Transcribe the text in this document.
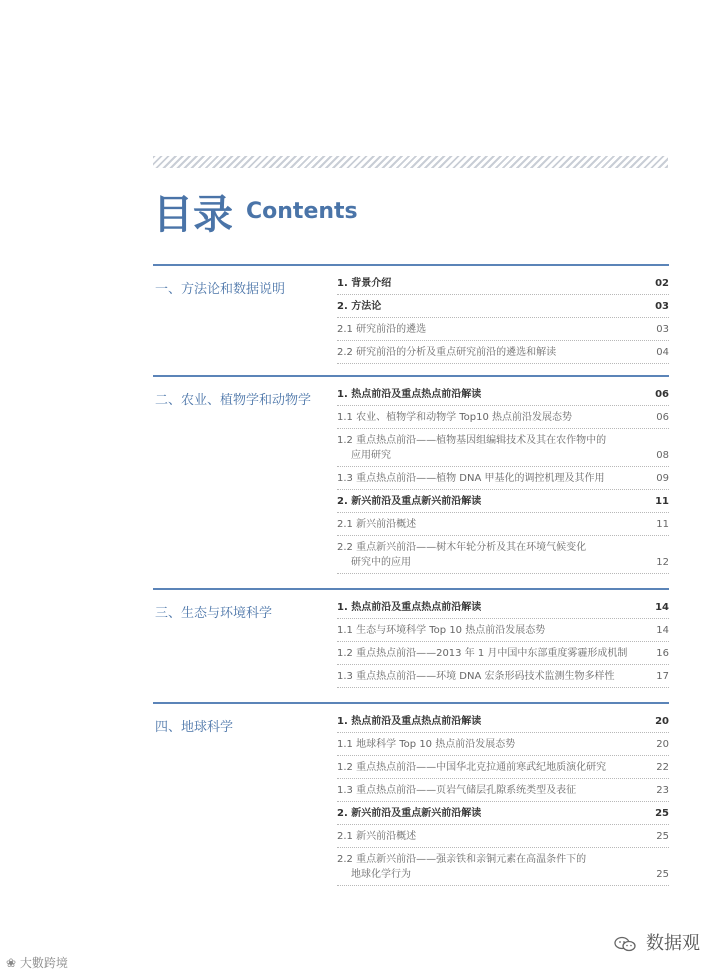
目录 Contents
一、方法论和数据说明	1. 背景介绍	02
2. 方法论	03
2.1 研究前沿的遴选	03
2.2 研究前沿的分析及重点研究前沿的遴选和解读	04
二、农业、植物学和动物学	1. 热点前沿及重点热点前沿解读	06
1.1 农业、植物学和动物学 Top10 热点前沿发展态势	06
1.2 重点热点前沿——植物基因组编辑技术及其在农作物中的
应用研究	08
1.3 重点热点前沿——植物 DNA 甲基化的调控机理及其作用	09
2. 新兴前沿及重点新兴前沿解读	11
2.1 新兴前沿概述	11
2.2 重点新兴前沿——树木年轮分析及其在环境气候变化
研究中的应用	12
三、生态与环境科学	1. 热点前沿及重点热点前沿解读	14
1.1 生态与环境科学 Top 10 热点前沿发展态势	14
1.2 重点热点前沿——2013 年 1 月中国中东部重度雾霾形成机制	16
1.3 重点热点前沿——环境 DNA 宏条形码技术监测生物多样性	17
四、地球科学	1. 热点前沿及重点热点前沿解读	20
1.1 地球科学 Top 10 热点前沿发展态势	20
1.2 重点热点前沿——中国华北克拉通前寒武纪地质演化研究	22
1.3 重点热点前沿——页岩气储层孔隙系统类型及表征	23
2. 新兴前沿及重点新兴前沿解读	25
2.1 新兴前沿概述	25
2.2 重点新兴前沿——强亲铁和亲铜元素在高温条件下的
地球化学行为	25
❀ 大數跨境
数据观
